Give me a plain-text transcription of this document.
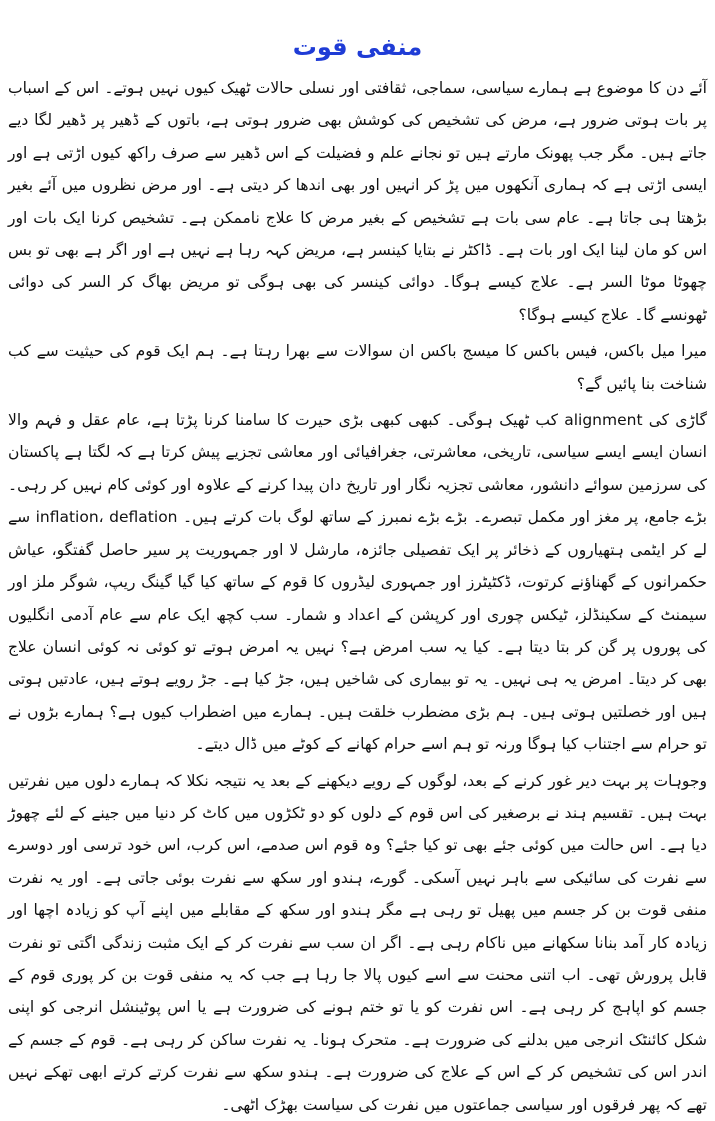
منفی قوت

آئے دن کا موضوع ہے ہمارے سیاسی، سماجی، ثقافتی اور نسلی حالات ٹھیک کیوں نہیں ہوتے۔ اس کے اسباب پر بات ہوتی ضرور ہے، مرض کی تشخیص کی کوشش بھی ضرور ہوتی ہے، باتوں کے ڈھیر پر ڈھیر لگا دیے جاتے ہیں۔ مگر جب پھونک مارتے ہیں تو نجانے علم و فضیلت کے اس ڈھیر سے صرف راکھ کیوں اڑتی ہے اور ایسی اڑتی ہے کہ ہماری آنکھوں میں پڑ کر انہیں اور بھی اندھا کر دیتی ہے۔ اور مرض نظروں میں آئے بغیر بڑھتا ہی جاتا ہے۔ عام سی بات ہے تشخیص کے بغیر مرض کا علاج ناممکن ہے۔ تشخیص کرنا ایک بات اور اس کو مان لینا ایک اور بات ہے۔ ڈاکٹر نے بتایا کینسر ہے، مریض کہہ رہا ہے نہیں ہے اور اگر ہے بھی تو بس چھوٹا موٹا السر ہے۔ علاج کیسے ہوگا۔ دوائی کینسر کی بھی ہوگی تو مریض بھاگ کر السر کی دوائی ٹھونسے گا۔ علاج کیسے ہوگا؟

میرا میل باکس، فیس باکس کا میسج باکس ان سوالات سے بھرا رہتا ہے۔ ہم ایک قوم کی حیثیت سے کب شناخت بنا پائیں گے؟

گاڑی کی alignment کب ٹھیک ہوگی۔ کبھی کبھی بڑی حیرت کا سامنا کرنا پڑتا ہے، عام عقل و فہم والا انسان ایسے ایسے سیاسی، تاریخی، معاشرتی، جغرافیائی اور معاشی تجزیے پیش کرتا ہے کہ لگتا ہے پاکستان کی سرزمین سوائے دانشور، معاشی تجزیہ نگار اور تاریخ دان پیدا کرنے کے علاوہ اور کوئی کام نہیں کر رہی۔ بڑے جامع، پر مغز اور مکمل تبصرے۔ بڑے بڑے نمبرز کے ساتھ لوگ بات کرتے ہیں۔ inflation، deflation سے لے کر ایٹمی ہتھیاروں کے ذخائر پر ایک تفصیلی جائزہ، مارشل لا اور جمہوریت پر سیر حاصل گفتگو، عیاش حکمرانوں کے گھناؤنے کرتوت، ڈکٹیٹرز اور جمہوری لیڈروں کا قوم کے ساتھ کیا گیا گینگ ریپ، شوگر ملز اور سیمنٹ کے سکینڈلز، ٹیکس چوری اور کرپشن کے اعداد و شمار۔ سب کچھ ایک عام سے عام آدمی انگلیوں کی پوروں پر گن کر بتا دیتا ہے۔ کیا یہ سب امرض ہے؟ نہیں یہ امرض ہوتے تو کوئی نہ کوئی انسان علاج بھی کر دیتا۔ امرض یہ ہی نہیں۔ یہ تو بیماری کی شاخیں ہیں، جڑ کیا ہے۔ جڑ رویے ہوتے ہیں، عادتیں ہوتی ہیں اور خصلتیں ہوتی ہیں۔ ہم بڑی مضطرب خلقت ہیں۔ ہمارے میں اضطراب کیوں ہے؟ ہمارے بڑوں نے تو حرام سے اجتناب کیا ہوگا ورنہ تو ہم اسے حرام کھانے کے کوٹے میں ڈال دیتے۔

وجوہات پر بہت دیر غور کرنے کے بعد، لوگوں کے رویے دیکھنے کے بعد یہ نتیجہ نکلا کہ ہمارے دلوں میں نفرتیں بہت ہیں۔ تقسیم ہند نے برصغیر کی اس قوم کے دلوں کو دو ٹکڑوں میں کاٹ کر دنیا میں جینے کے لئے چھوڑ دیا ہے۔ اس حالت میں کوئی جئے بھی تو کیا جئے؟ وہ قوم اس صدمے، اس کرب، اس خود ترسی اور دوسرے سے نفرت کی سائیکی سے باہر نہیں آسکی۔ گورے، ہندو اور سکھ سے نفرت بوئی جاتی ہے۔ اور یہ نفرت منفی قوت بن کر جسم میں پھیل تو رہی ہے مگر ہندو اور سکھ کے مقابلے میں اپنے آپ کو زیادہ اچھا اور زیادہ کار آمد بنانا سکھانے میں ناکام رہی ہے۔ اگر ان سب سے نفرت کر کے ایک مثبت زندگی اگتی تو نفرت قابل پرورش تھی۔ اب اتنی محنت سے اسے کیوں پالا جا رہا ہے جب کہ یہ منفی قوت بن کر پوری قوم کے جسم کو اپاہج کر رہی ہے۔ اس نفرت کو یا تو ختم ہونے کی ضرورت ہے یا اس پوٹینشل انرجی کو اپنی شکل کائنٹک انرجی میں بدلنے کی ضرورت ہے۔ متحرک ہونا۔ یہ نفرت ساکن کر رہی ہے۔ قوم کے جسم کے اندر اس کی تشخیص کر کے اس کے علاج کی ضرورت ہے۔ ہندو سکھ سے نفرت کرتے کرتے ابھی تھکے نہیں تھے کہ پھر فرقوں اور سیاسی جماعتوں میں نفرت کی سیاست بھڑک اٹھی۔
